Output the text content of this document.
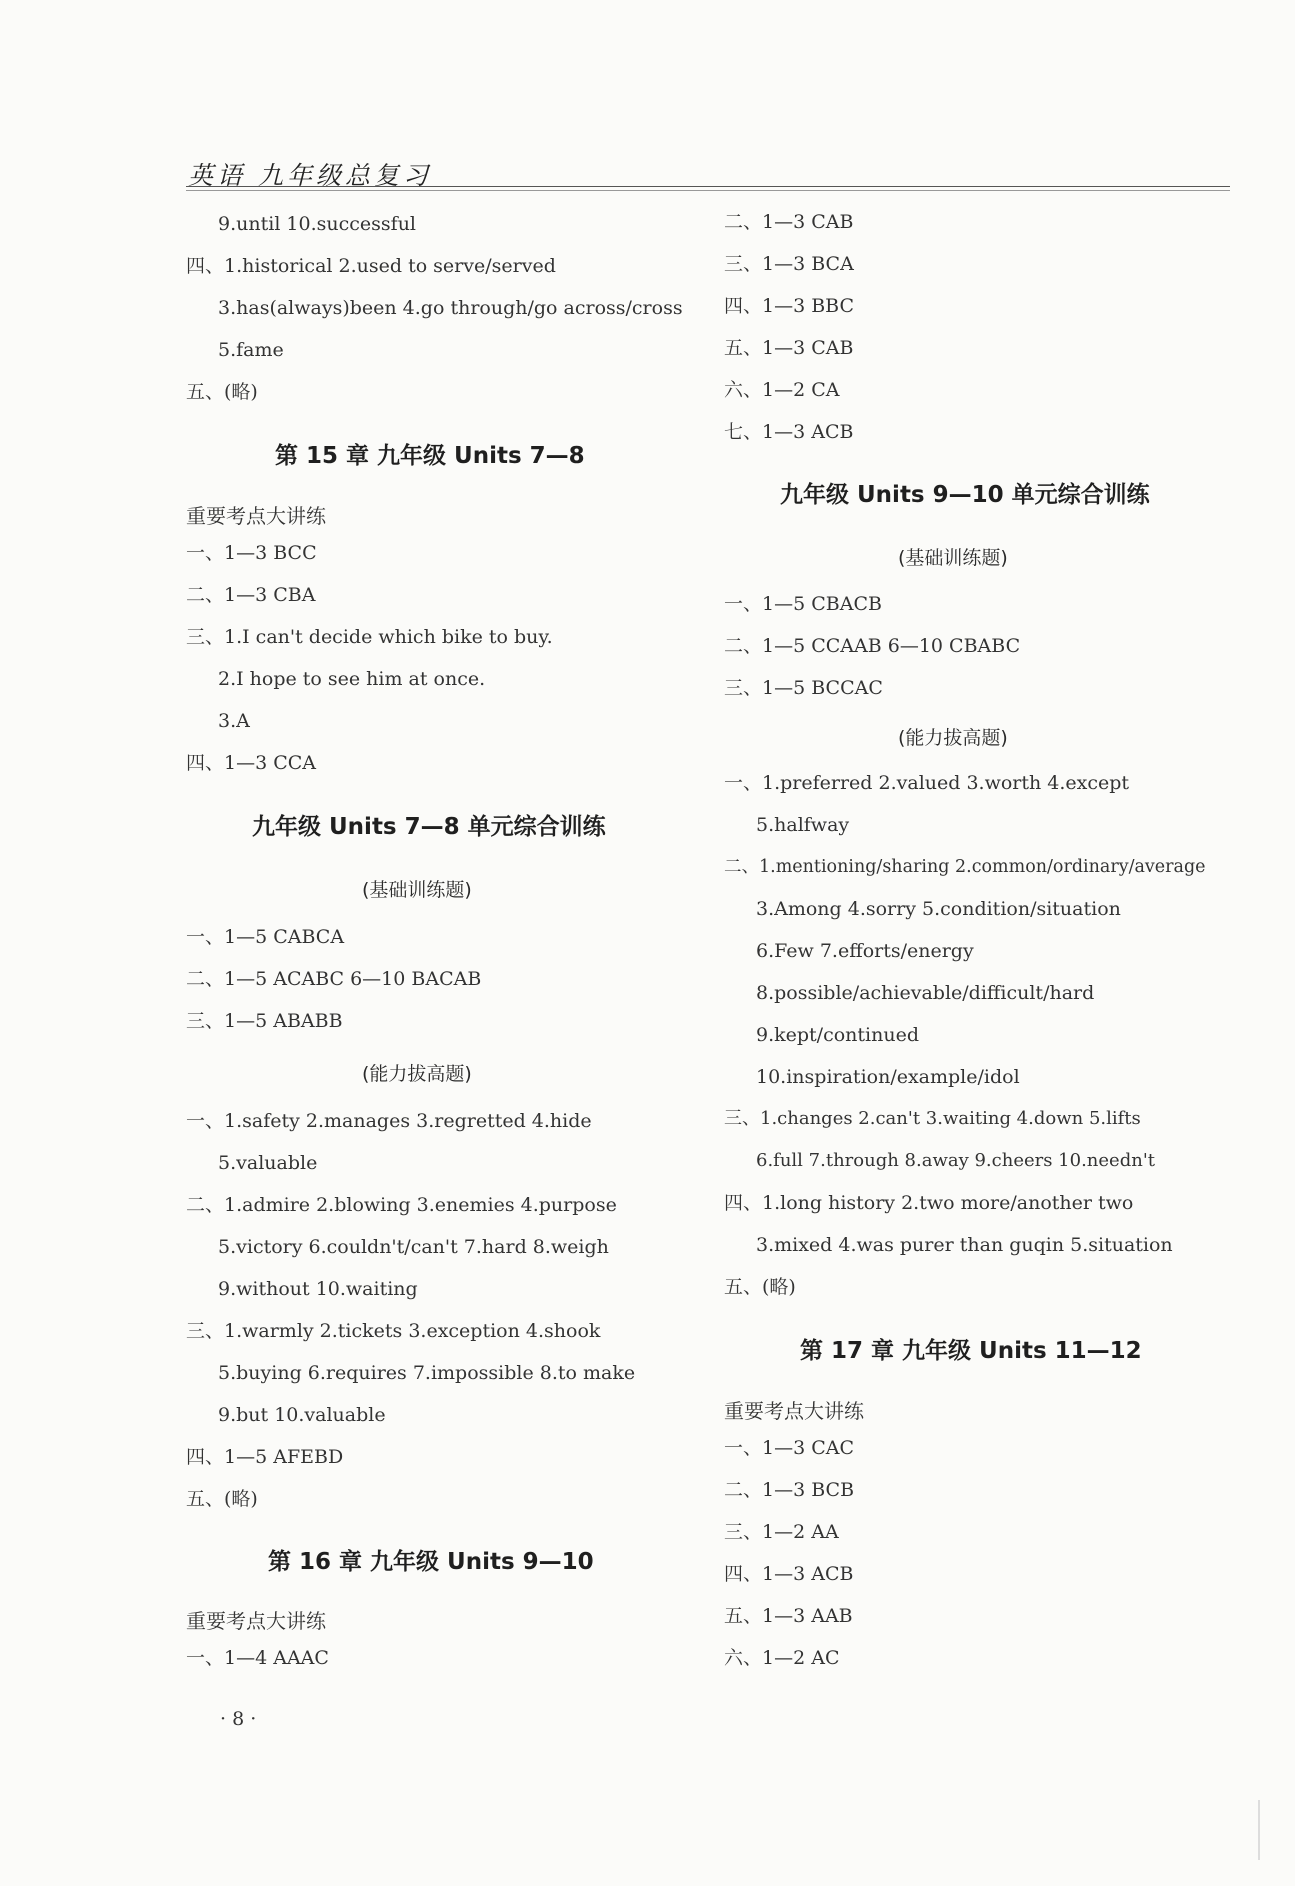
英语 九年级总复习
9.until 10.successful
四、1.historical 2.used to serve/served
3.has(always)been 4.go through/go across/cross
5.fame
五、(略)
第 15 章 九年级 Units 7—8
重要考点大讲练
一、1—3 BCC
二、1—3 CBA
三、1.I can't decide which bike to buy.
2.I hope to see him at once.
3.A
四、1—3 CCA
九年级 Units 7—8 单元综合训练
(基础训练题)
一、1—5 CABCA
二、1—5 ACABC 6—10 BACAB
三、1—5 ABABB
(能力拔高题)
一、1.safety 2.manages 3.regretted 4.hide
5.valuable
二、1.admire 2.blowing 3.enemies 4.purpose
5.victory 6.couldn't/can't 7.hard 8.weigh
9.without 10.waiting
三、1.warmly 2.tickets 3.exception 4.shook
5.buying 6.requires 7.impossible 8.to make
9.but 10.valuable
四、1—5 AFEBD
五、(略)
第 16 章 九年级 Units 9—10
重要考点大讲练
一、1—4 AAAC
二、1—3 CAB
三、1—3 BCA
四、1—3 BBC
五、1—3 CAB
六、1—2 CA
七、1—3 ACB
九年级 Units 9—10 单元综合训练
(基础训练题)
一、1—5 CBACB
二、1—5 CCAAB 6—10 CBABC
三、1—5 BCCAC
(能力拔高题)
一、1.preferred 2.valued 3.worth 4.except
5.halfway
二、1.mentioning/sharing 2.common/ordinary/average
3.Among 4.sorry 5.condition/situation
6.Few 7.efforts/energy
8.possible/achievable/difficult/hard
9.kept/continued
10.inspiration/example/idol
三、1.changes 2.can't 3.waiting 4.down 5.lifts
6.full 7.through 8.away 9.cheers 10.needn't
四、1.long history 2.two more/another two
3.mixed 4.was purer than guqin 5.situation
五、(略)
第 17 章 九年级 Units 11—12
重要考点大讲练
一、1—3 CAC
二、1—3 BCB
三、1—2 AA
四、1—3 ACB
五、1—3 AAB
六、1—2 AC
· 8 ·
